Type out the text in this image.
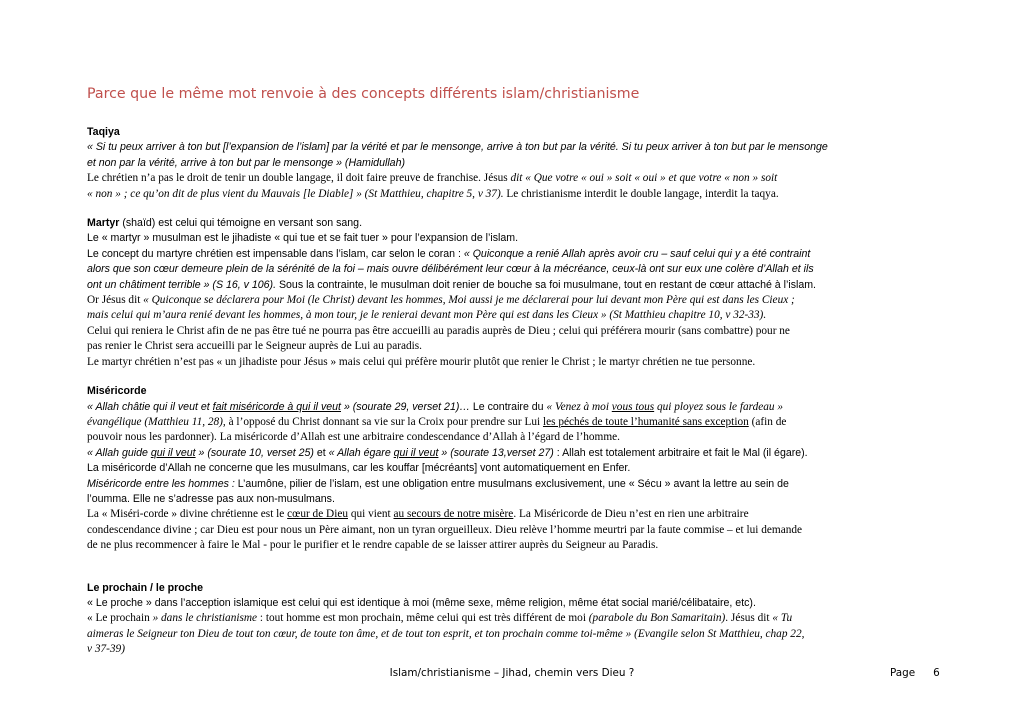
Parce que le même mot renvoie à des concepts différents islam/christianisme

Taqiya

« Si tu peux arriver à ton but [l’expansion de l’islam] par la vérité et par le mensonge, arrive à ton but par la vérité. Si tu peux arriver à ton but par le mensonge

et non par la vérité, arrive à ton but par le mensonge » (Hamidullah)

Le chrétien n’a pas le droit de tenir un double langage, il doit faire preuve de franchise. Jésus dit « Que votre « oui » soit « oui » et que votre « non » soit

« non » ; ce qu’on dit de plus vient du Mauvais [le Diable] » (St Matthieu, chapitre 5, v 37). Le christianisme interdit le double langage, interdit la taqya.

Martyr (shaïd) est celui qui témoigne en versant son sang.

Le « martyr » musulman est le jihadiste « qui tue et se fait tuer » pour l’expansion de l’islam.

Le concept du martyre chrétien est impensable dans l’islam, car selon le coran : « Quiconque a renié Allah après avoir cru – sauf celui qui y a été contraint

alors que son cœur demeure plein de la sérénité de la foi – mais ouvre délibérément leur cœur à la mécréance, ceux-là ont sur eux une colère d’Allah et ils

ont un châtiment terrible » (S 16, v 106). Sous la contrainte, le musulman doit renier de bouche sa foi musulmane, tout en restant de cœur attaché à l’islam.

Or Jésus dit « Quiconque se déclarera pour Moi (le Christ) devant les hommes, Moi aussi je me déclarerai pour lui devant mon Père qui est dans les Cieux ;

mais celui qui m’aura renié devant les hommes, à mon tour, je le renierai devant mon Père qui est dans les Cieux » (St Matthieu chapitre 10, v 32-33).

Celui qui reniera le Christ afin de ne pas être tué ne pourra pas être accueilli au paradis auprès de Dieu ; celui qui préférera mourir (sans combattre) pour ne

pas renier le Christ sera accueilli par le Seigneur auprès de Lui au paradis.

Le martyr chrétien n’est pas « un jihadiste pour Jésus » mais celui qui préfère mourir plutôt que renier le Christ ; le martyr chrétien ne tue personne.

Miséricorde

« Allah châtie qui il veut et fait miséricorde à qui il veut » (sourate 29, verset 21)… Le contraire du « Venez à moi vous tous qui ployez sous le fardeau »

évangélique (Matthieu 11, 28), à l’opposé du Christ donnant sa vie sur la Croix pour prendre sur Lui les péchés de toute l’humanité sans exception (afin de

pouvoir nous les pardonner). La miséricorde d’Allah est une arbitraire condescendance d’Allah à l’égard de l’homme.

« Allah guide qui il veut » (sourate 10, verset 25) et « Allah égare qui il veut » (sourate 13,verset 27) : Allah est totalement arbitraire et fait le Mal (il égare).

La miséricorde d’Allah ne concerne que les musulmans, car les kouffar [mécréants] vont automatiquement en Enfer.

Miséricorde entre les hommes : L’aumône, pilier de l’islam, est une obligation entre musulmans exclusivement, une « Sécu » avant la lettre au sein de

l’oumma. Elle ne s’adresse pas aux non-musulmans.

La « Miséri-corde » divine chrétienne est le cœur de Dieu qui vient au secours de notre misère. La Miséricorde de Dieu n’est en rien une arbitraire

condescendance divine ; car Dieu est pour nous un Père aimant, non un tyran orgueilleux. Dieu relève l’homme meurtri par la faute commise – et lui demande

de ne plus recommencer à faire le Mal - pour le purifier et le rendre capable de se laisser attirer auprès du Seigneur au Paradis.

Le prochain / le proche

« Le proche » dans l’acception islamique est celui qui est identique à moi (même sexe, même religion, même état social marié/célibataire, etc).

« Le prochain » dans le christianisme : tout homme est mon prochain, même celui qui est très différent de moi (parabole du Bon Samaritain). Jésus dit « Tu

aimeras le Seigneur ton Dieu de tout ton cœur, de toute ton âme, et de tout ton esprit, et ton prochain comme toi-même » (Evangile selon St Matthieu, chap 22,

v 37-39)

Islam/christianisme – Jihad, chemin vers Dieu ?	Page 6
